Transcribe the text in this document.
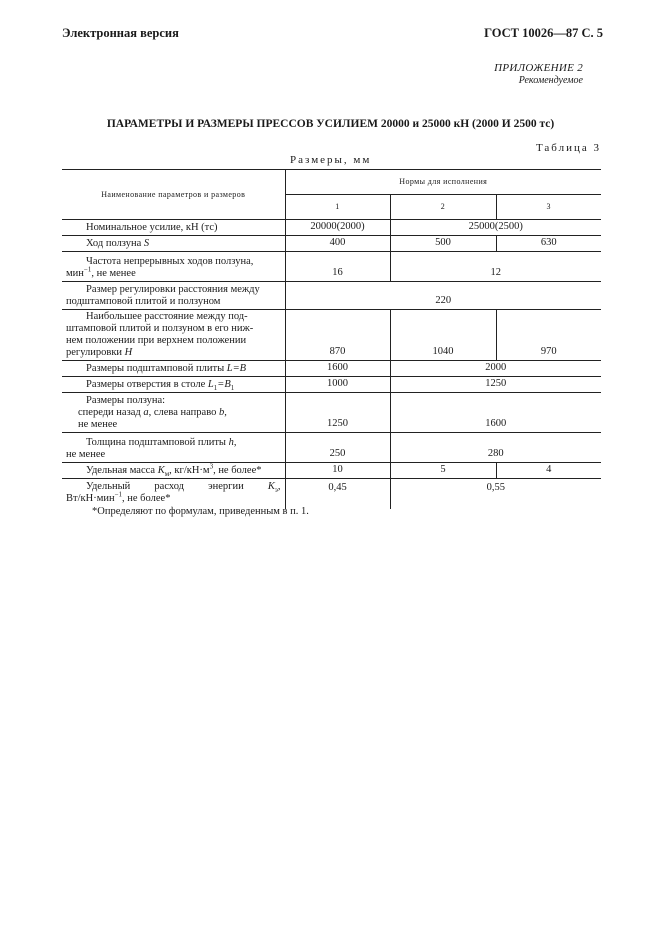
Электронная версия	ГОСТ 10026—87 С. 5
ПРИЛОЖЕНИЕ 2
Рекомендуемое
ПАРАМЕТРЫ И РАЗМЕРЫ ПРЕССОВ УСИЛИЕМ 20000 и 25000 кН (2000 И 2500 тс)
Таблица 3
Размеры, мм
Наименование параметров и размеров	Нормы для исполнения		
	1	2	3
Номинальное усилие, кН (тс)	20000(2000)	25000(2500)	
Ход ползуна S	400	500	630
Частота непрерывных ходов ползуна,
мин$^{-1}$, не менее	16	12	
Размер регулировки расстояния между
подштамповой плитой и ползуном	220		
Наибольшее расстояние между под-
штамповой плитой и ползуном в его ниж-
нем положении при верхнем положении
регулировки H	870	1040	970
Размеры подштамповой плиты L=B	1600	2000	
Размеры отверстия в столе $L_1=B_1$	1000	1250	
Размеры ползуна:
спереди назад a, слева направо b,
не менее	1250	1600	
Толщина подштамповой плиты h,
не менее	250	280	
Удельная масса $K_м$, $кг/кН\cdot м^3$, не более*	10	5	4
Удельный расход энергии $K_э$,
Вт/кН·мин$^{-1}$, не более*	0,45	0,55	
*Определяют по формулам, приведенным в п. 1.
